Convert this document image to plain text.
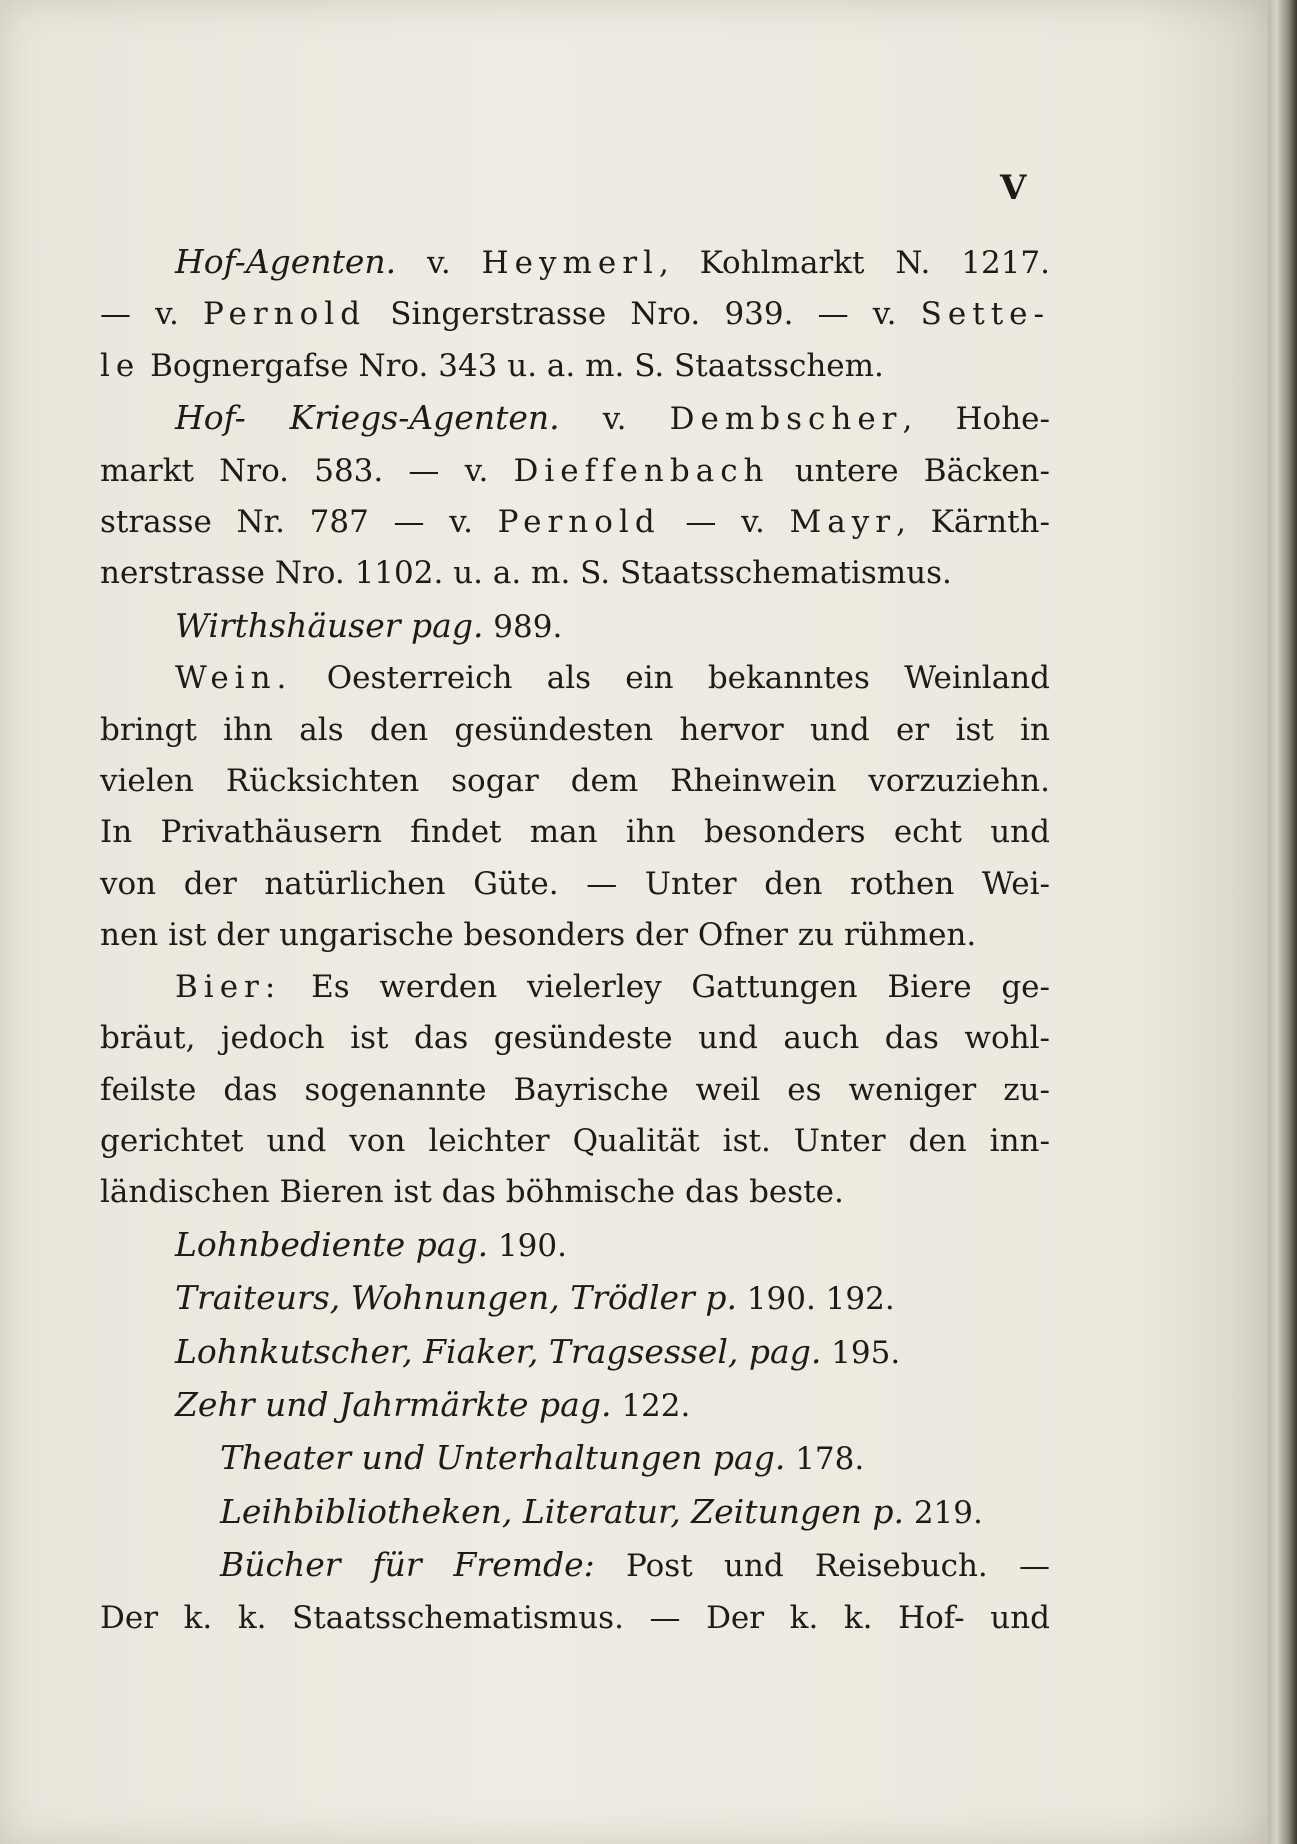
V
Hof-Agenten. v. Heymerl, Kohlmarkt N. 1217.
— v. Pernold Singerstrasse Nro. 939. — v. Sette-
le Bognergafse Nro. 343 u. a. m. S. Staatsschem.
Hof- Kriegs-Agenten. v. Dembscher, Hohe-
markt Nro. 583. — v. Dieffenbach untere Bäcken-
strasse Nr. 787 — v. Pernold — v. Mayr, Kärnth-
nerstrasse Nro. 1102. u. a. m. S. Staatsschematismus.
Wirthshäuser pag. 989.
Wein. Oesterreich als ein bekanntes Weinland
bringt ihn als den gesündesten hervor und er ist in
vielen Rücksichten sogar dem Rheinwein vorzuziehn.
In Privathäusern findet man ihn besonders echt und
von der natürlichen Güte. — Unter den rothen Wei-
nen ist der ungarische besonders der Ofner zu rühmen.
Bier: Es werden vielerley Gattungen Biere ge-
bräut, jedoch ist das gesündeste und auch das wohl-
feilste das sogenannte Bayrische weil es weniger zu-
gerichtet und von leichter Qualität ist. Unter den inn-
ländischen Bieren ist das böhmische das beste.
Lohnbediente pag. 190.
Traiteurs, Wohnungen, Trödler p. 190. 192.
Lohnkutscher, Fiaker, Tragsessel, pag. 195.
Zehr und Jahrmärkte pag. 122.
Theater und Unterhaltungen pag. 178.
Leihbibliotheken, Literatur, Zeitungen p. 219.
Bücher für Fremde: Post und Reisebuch. —
Der k. k. Staatsschematismus. — Der k. k. Hof- und
